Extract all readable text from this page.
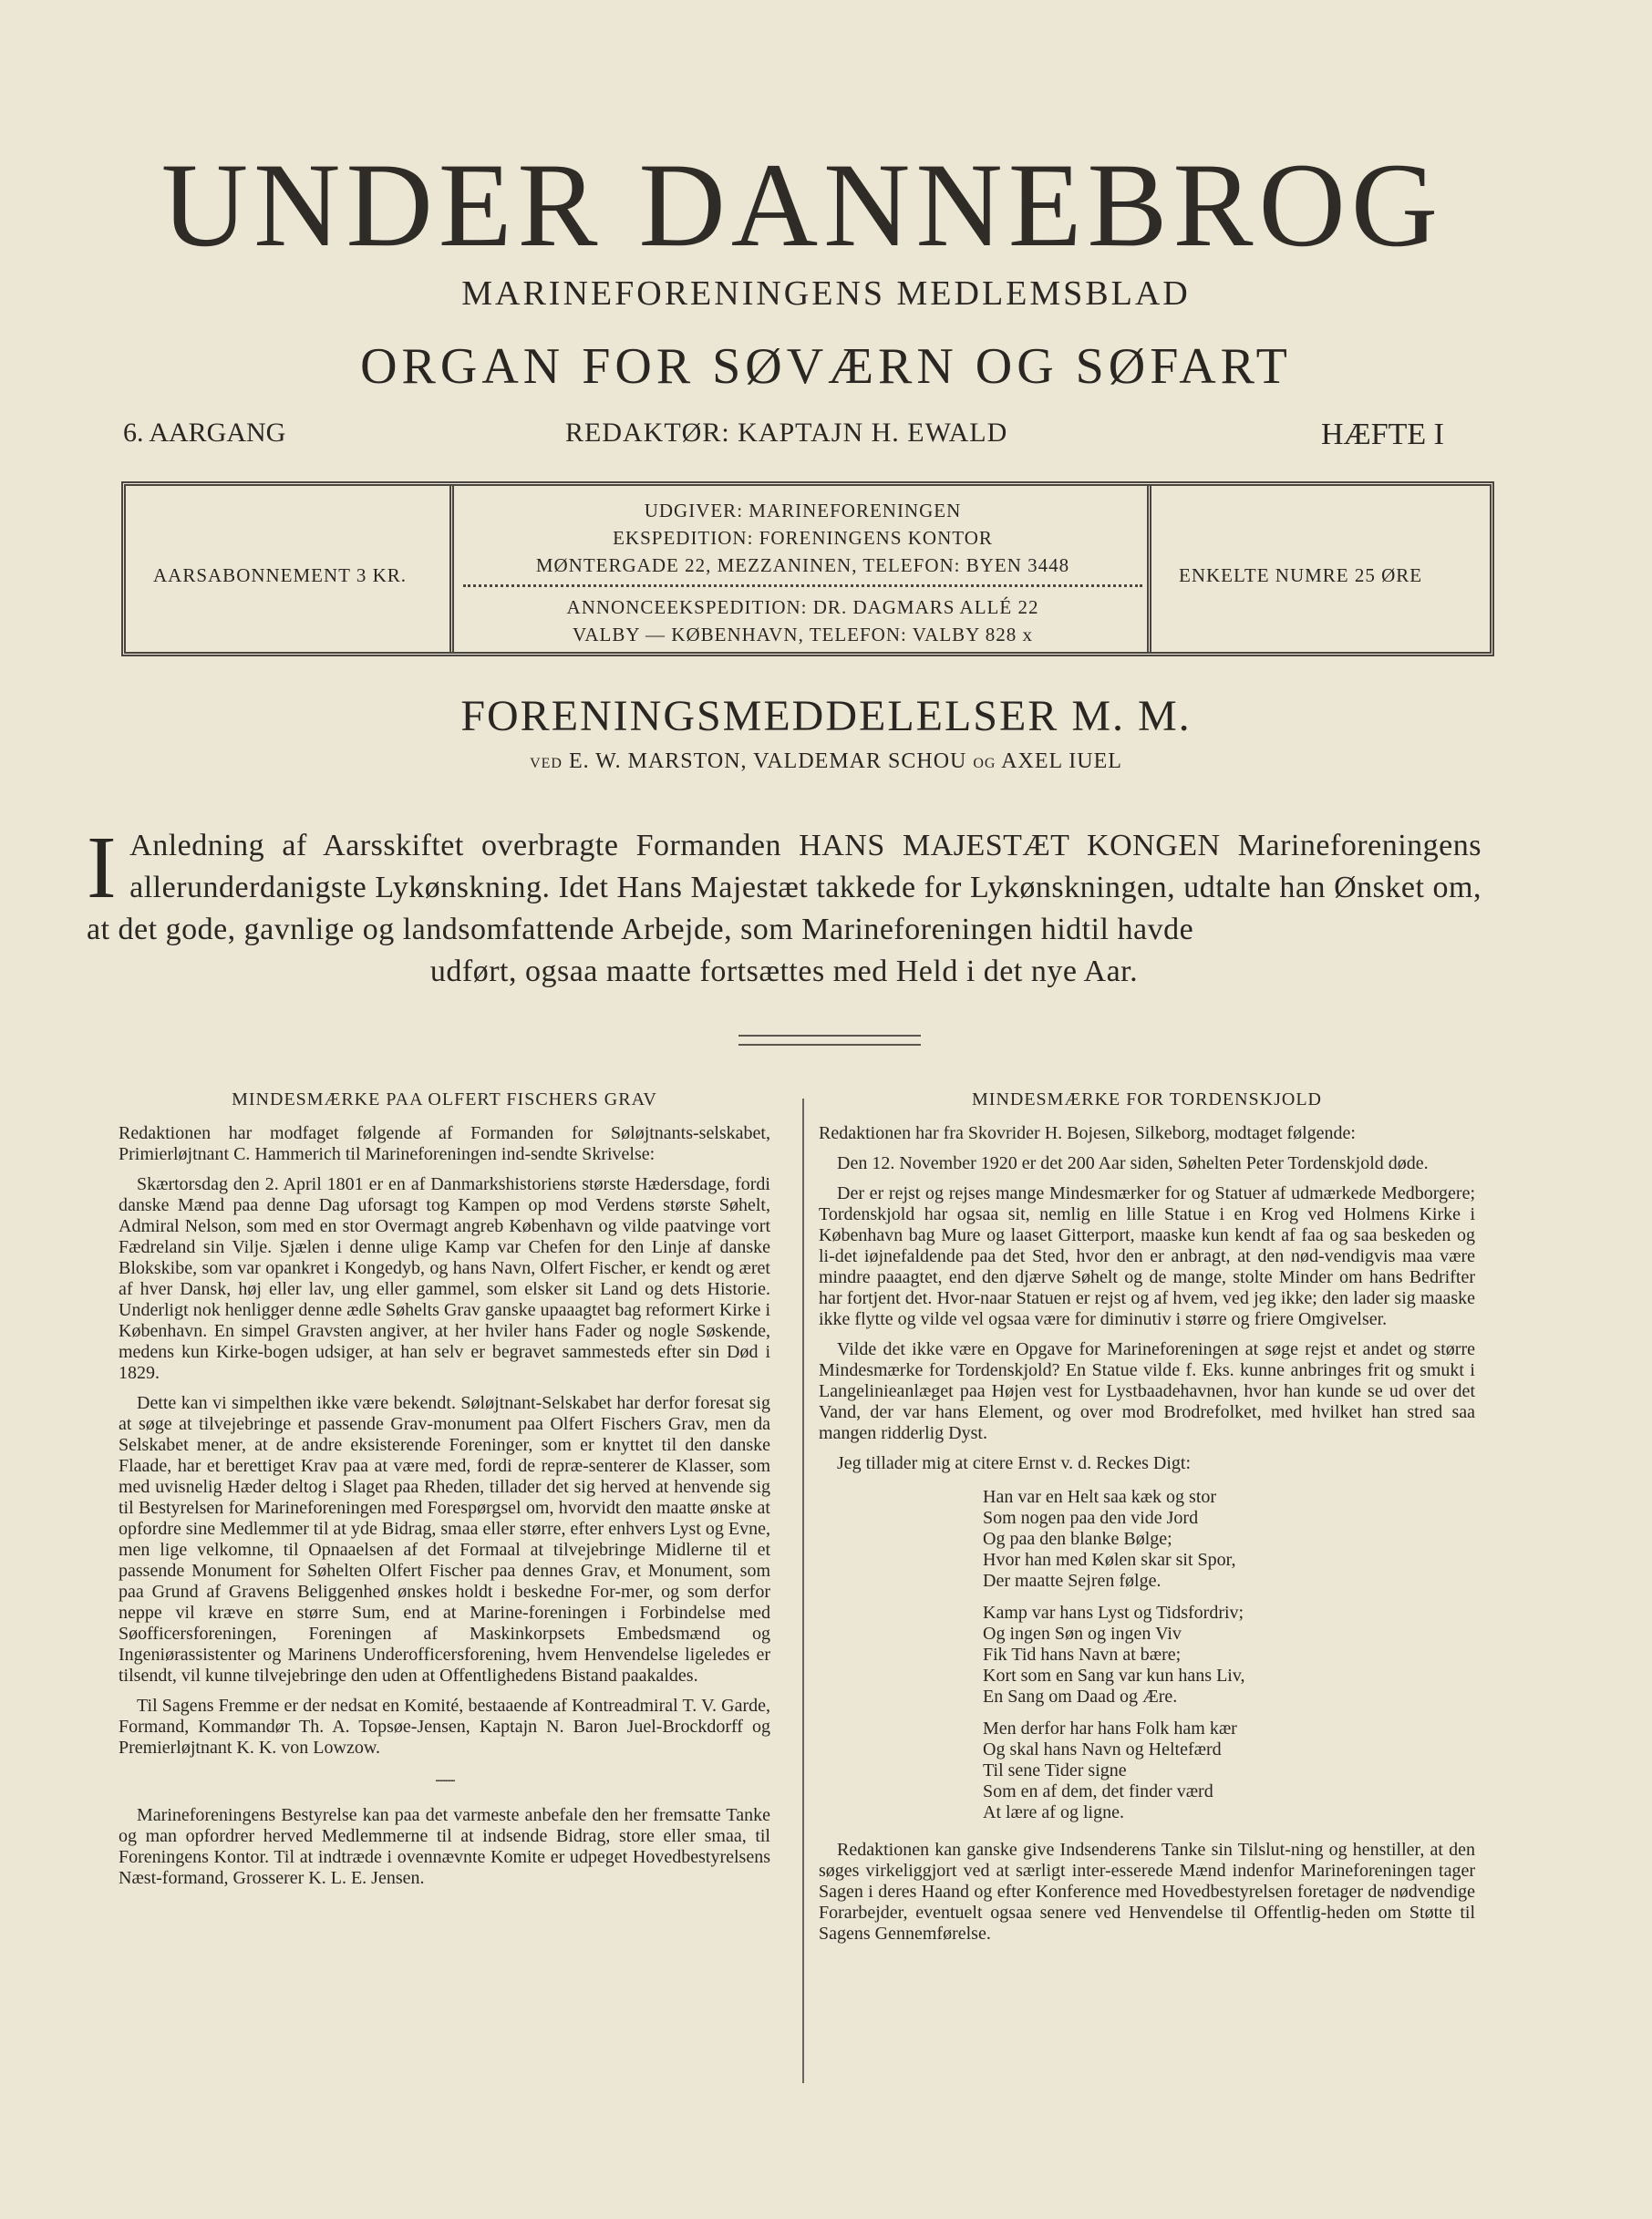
UNDER DANNEBROG
MARINEFORENINGENS MEDLEMSBLAD
ORGAN FOR SØVÆRN OG SØFART
6. AARGANG	REDAKTØR: KAPTAJN H. EWALD	HÆFTE I
AARSABONNEMENT 3 KR.
UDGIVER: MARINEFORENINGEN
EKSPEDITION: FORENINGENS KONTOR
MØNTERGADE 22, MEZZANINEN, TELEFON: BYEN 3448
ANNONCEEKSPEDITION: DR. DAGMARS ALLÉ 22
VALBY — KØBENHAVN, TELEFON: VALBY 828 x
ENKELTE NUMRE 25 ØRE
FORENINGSMEDDELELSER M. M.
VED E. W. MARSTON, VALDEMAR SCHOU OG AXEL IUEL
I Anledning af Aarsskiftet overbragte Formanden HANS MAJESTÆT KONGEN Marineforeningens allerunderdanigste Lykønskning. Idet Hans Majestæt takkede for Lykønskningen, udtalte han Ønsket om, at det gode, gavnlige og landsomfattende Arbejde, som Marineforeningen hidtil havde
udført, ogsaa maatte fortsættes med Held i det nye Aar.
MINDESMÆRKE PAA OLFERT FISCHERS GRAV

Redaktionen har modfaget følgende af Formanden for Søløjtnants-selskabet, Primierløjtnant C. Hammerich til Marineforeningen ind-sendte Skrivelse:

Skærtorsdag den 2. April 1801 er en af Danmarkshistoriens største Hædersdage, fordi danske Mænd paa denne Dag uforsagt tog Kampen op mod Verdens største Søhelt, Admiral Nelson, som med en stor Overmagt angreb København og vilde paatvinge vort Fædreland sin Vilje. Sjælen i denne ulige Kamp var Chefen for den Linje af danske Blokskibe, som var opankret i Kongedyb, og hans Navn, Olfert Fischer, er kendt og æret af hver Dansk, høj eller lav, ung eller gammel, som elsker sit Land og dets Historie. Underligt nok henligger denne ædle Søhelts Grav ganske upaaagtet bag reformert Kirke i København. En simpel Gravsten angiver, at her hviler hans Fader og nogle Søskende, medens kun Kirke-bogen udsiger, at han selv er begravet sammesteds efter sin Død i 1829.

Dette kan vi simpelthen ikke være bekendt. Søløjtnant-Selskabet har derfor foresat sig at søge at tilvejebringe et passende Grav-monument paa Olfert Fischers Grav, men da Selskabet mener, at de andre eksisterende Foreninger, som er knyttet til den danske Flaade, har et berettiget Krav paa at være med, fordi de repræ-senterer de Klasser, som med uvisnelig Hæder deltog i Slaget paa Rheden, tillader det sig herved at henvende sig til Bestyrelsen for Marineforeningen med Forespørgsel om, hvorvidt den maatte ønske at opfordre sine Medlemmer til at yde Bidrag, smaa eller større, efter enhvers Lyst og Evne, men lige velkomne, til Opnaaelsen af det Formaal at tilvejebringe Midlerne til et passende Monument for Søhelten Olfert Fischer paa dennes Grav, et Monument, som paa Grund af Gravens Beliggenhed ønskes holdt i beskedne For-mer, og som derfor neppe vil kræve en større Sum, end at Marine-foreningen i Forbindelse med Søofficersforeningen, Foreningen af Maskinkorpsets Embedsmænd og Ingeniørassistenter og Marinens Underofficersforening, hvem Henvendelse ligeledes er tilsendt, vil kunne tilvejebringe den uden at Offentlighedens Bistand paakaldes.

Til Sagens Fremme er der nedsat en Komité, bestaaende af Kontreadmiral T. V. Garde, Formand, Kommandør Th. A. Topsøe-Jensen, Kaptajn N. Baron Juel-Brockdorff og Premierløjtnant K. K. von Lowzow.

..............

Marineforeningens Bestyrelse kan paa det varmeste anbefale den her fremsatte Tanke og man opfordrer herved Medlemmerne til at indsende Bidrag, store eller smaa, til Foreningens Kontor. Til at indtræde i ovennævnte Komite er udpeget Hovedbestyrelsens Næst-formand, Grosserer K. L. E. Jensen.

MINDESMÆRKE FOR TORDENSKJOLD

Redaktionen har fra Skovrider H. Bojesen, Silkeborg, modtaget følgende:

Den 12. November 1920 er det 200 Aar siden, Søhelten Peter Tordenskjold døde.

Der er rejst og rejses mange Mindesmærker for og Statuer af udmærkede Medborgere; Tordenskjold har ogsaa sit, nemlig en lille Statue i en Krog ved Holmens Kirke i København bag Mure og laaset Gitterport, maaske kun kendt af faa og saa beskeden og li-det iøjnefaldende paa det Sted, hvor den er anbragt, at den nød-vendigvis maa være mindre paaagtet, end den djærve Søhelt og de mange, stolte Minder om hans Bedrifter har fortjent det. Hvor-naar Statuen er rejst og af hvem, ved jeg ikke; den lader sig maaske ikke flytte og vilde vel ogsaa være for diminutiv i større og friere Omgivelser.

Vilde det ikke være en Opgave for Marineforeningen at søge rejst et andet og større Mindesmærke for Tordenskjold? En Statue vilde f. Eks. kunne anbringes frit og smukt i Langelinieanlæget paa Højen vest for Lystbaadehavnen, hvor han kunde se ud over det Vand, der var hans Element, og over mod Brodrefolket, med hvilket han stred saa mangen ridderlig Dyst.

Jeg tillader mig at citere Ernst v. d. Reckes Digt:

Han var en Helt saa kæk og stor
Som nogen paa den vide Jord
Og paa den blanke Bølge;
Hvor han med Kølen skar sit Spor,
Der maatte Sejren følge.
Kamp var hans Lyst og Tidsfordriv;
Og ingen Søn og ingen Viv
Fik Tid hans Navn at bære;
Kort som en Sang var kun hans Liv,
En Sang om Daad og Ære.
Men derfor har hans Folk ham kær
Og skal hans Navn og Heltefærd
Til sene Tider signe
Som en af dem, det finder værd
At lære af og ligne.

Redaktionen kan ganske give Indsenderens Tanke sin Tilslut-ning og henstiller, at den søges virkeliggjort ved at særligt inter-esserede Mænd indenfor Marineforeningen tager Sagen i deres Haand og efter Konference med Hovedbestyrelsen foretager de nødvendige Forarbejder, eventuelt ogsaa senere ved Henvendelse til Offentlig-heden om Støtte til Sagens Gennemførelse.
